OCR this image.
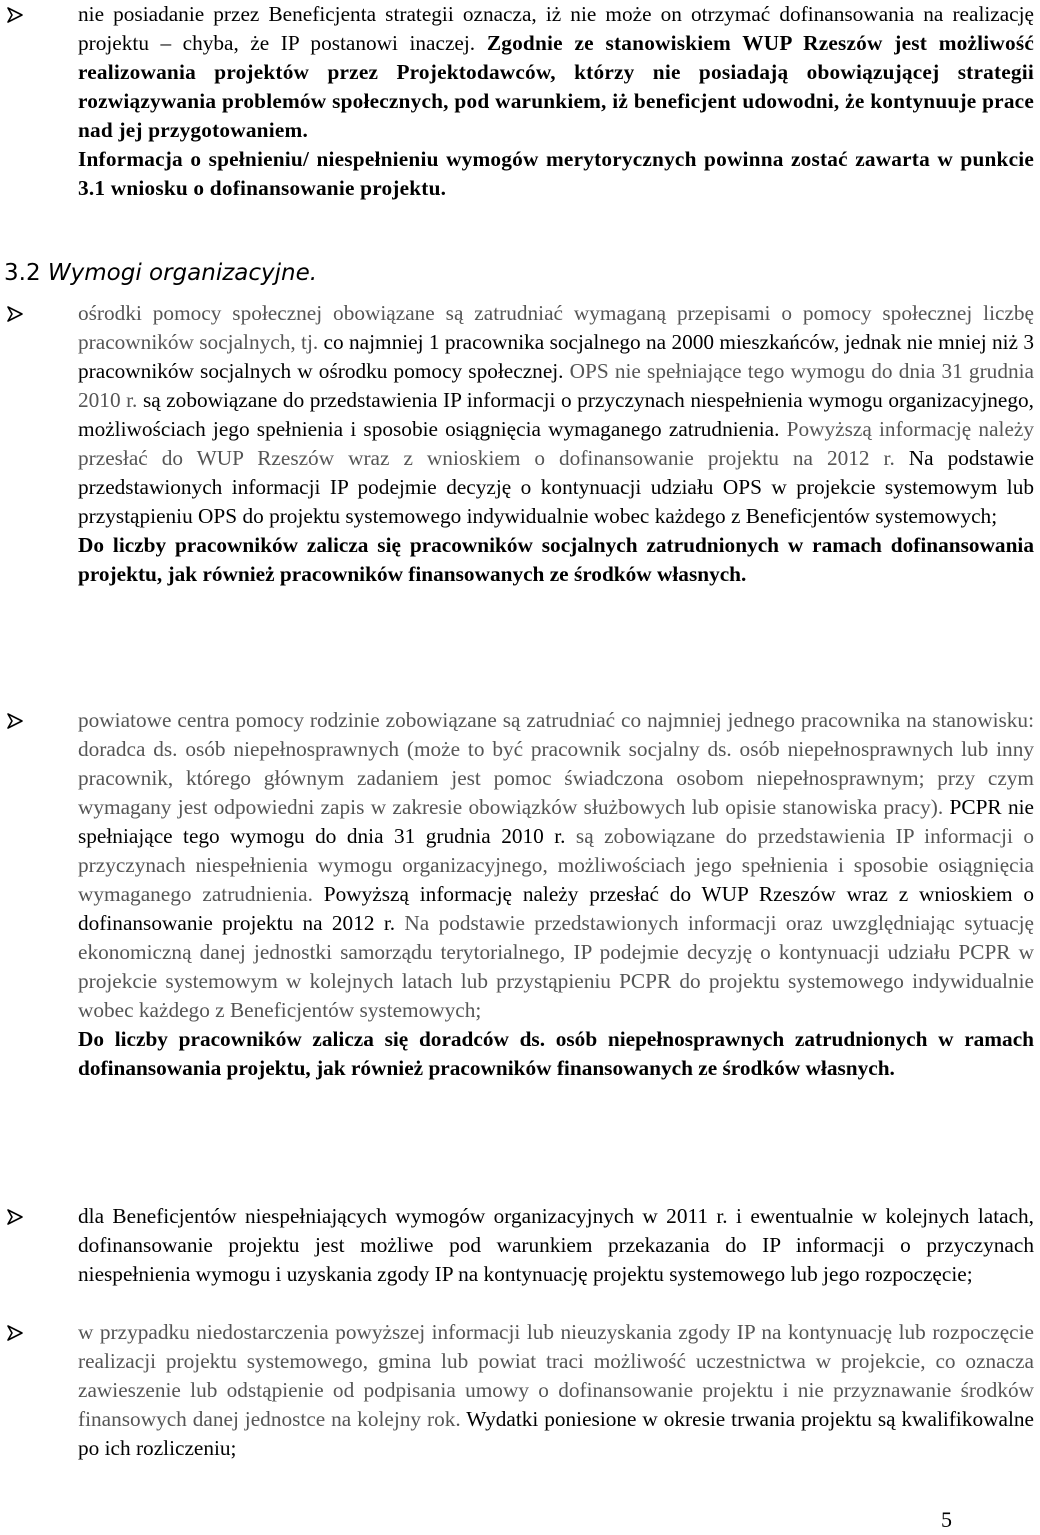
nie posiadanie przez Beneficjenta strategii oznacza, iż nie może on otrzymać dofinansowania na realizację projektu – chyba, że IP postanowi inaczej. Zgodnie ze stanowiskiem WUP Rzeszów jest możliwość realizowania projektów przez Projektodawców, którzy nie posiadają obowiązującej strategii rozwiązywania problemów społecznych, pod warunkiem, iż beneficjent udowodni, że kontynuuje prace nad jej przygotowaniem.
Informacja o spełnieniu/ niespełnieniu wymogów merytorycznych powinna zostać zawarta w punkcie 3.1 wniosku o dofinansowanie projektu.
3.2 Wymogi organizacyjne.
ośrodki pomocy społecznej obowiązane są zatrudniać wymaganą przepisami o pomocy społecznej liczbę pracowników socjalnych, tj. co najmniej 1 pracownika socjalnego na 2000 mieszkańców, jednak nie mniej niż 3 pracowników socjalnych w ośrodku pomocy społecznej. OPS nie spełniające tego wymogu do dnia 31 grudnia 2010 r. są zobowiązane do przedstawienia IP informacji o przyczynach niespełnienia wymogu organizacyjnego, możliwościach jego spełnienia i sposobie osiągnięcia wymaganego zatrudnienia. Powyższą informację należy przesłać do WUP Rzeszów wraz z wnioskiem o dofinansowanie projektu na 2012 r. Na podstawie przedstawionych informacji IP podejmie decyzję o kontynuacji udziału OPS w projekcie systemowym lub przystąpieniu OPS do projektu systemowego indywidualnie wobec każdego z Beneficjentów systemowych;
Do liczby pracowników zalicza się pracowników socjalnych zatrudnionych w ramach dofinansowania projektu, jak również pracowników finansowanych ze środków własnych.
powiatowe centra pomocy rodzinie zobowiązane są zatrudniać co najmniej jednego pracownika na stanowisku: doradca ds. osób niepełnosprawnych (może to być pracownik socjalny ds. osób niepełnosprawnych lub inny pracownik, którego głównym zadaniem jest pomoc świadczona osobom niepełnosprawnym; przy czym wymagany jest odpowiedni zapis w zakresie obowiązków służbowych lub opisie stanowiska pracy). PCPR nie spełniające tego wymogu do dnia 31 grudnia 2010 r. są zobowiązane do przedstawienia IP informacji o przyczynach niespełnienia wymogu organizacyjnego, możliwościach jego spełnienia i sposobie osiągnięcia wymaganego zatrudnienia. Powyższą informację należy przesłać do WUP Rzeszów wraz z wnioskiem o dofinansowanie projektu na 2012 r. Na podstawie przedstawionych informacji oraz uwzględniając sytuację ekonomiczną danej jednostki samorządu terytorialnego, IP podejmie decyzję o kontynuacji udziału PCPR w projekcie systemowym w kolejnych latach lub przystąpieniu PCPR do projektu systemowego indywidualnie wobec każdego z Beneficjentów systemowych;
Do liczby pracowników zalicza się doradców ds. osób niepełnosprawnych zatrudnionych w ramach dofinansowania projektu, jak również pracowników finansowanych ze środków własnych.
dla Beneficjentów niespełniających wymogów organizacyjnych w 2011 r. i ewentualnie w kolejnych latach, dofinansowanie projektu jest możliwe pod warunkiem przekazania do IP informacji o przyczynach niespełnienia wymogu i uzyskania zgody IP na kontynuację projektu systemowego lub jego rozpoczęcie;
w przypadku niedostarczenia powyższej informacji lub nieuzyskania zgody IP na kontynuację lub rozpoczęcie realizacji projektu systemowego, gmina lub powiat traci możliwość uczestnictwa w projekcie, co oznacza zawieszenie lub odstąpienie od podpisania umowy o dofinansowanie projektu i nie przyznawanie środków finansowych danej jednostce na kolejny rok. Wydatki poniesione w okresie trwania projektu są kwalifikowalne po ich rozliczeniu;
5
